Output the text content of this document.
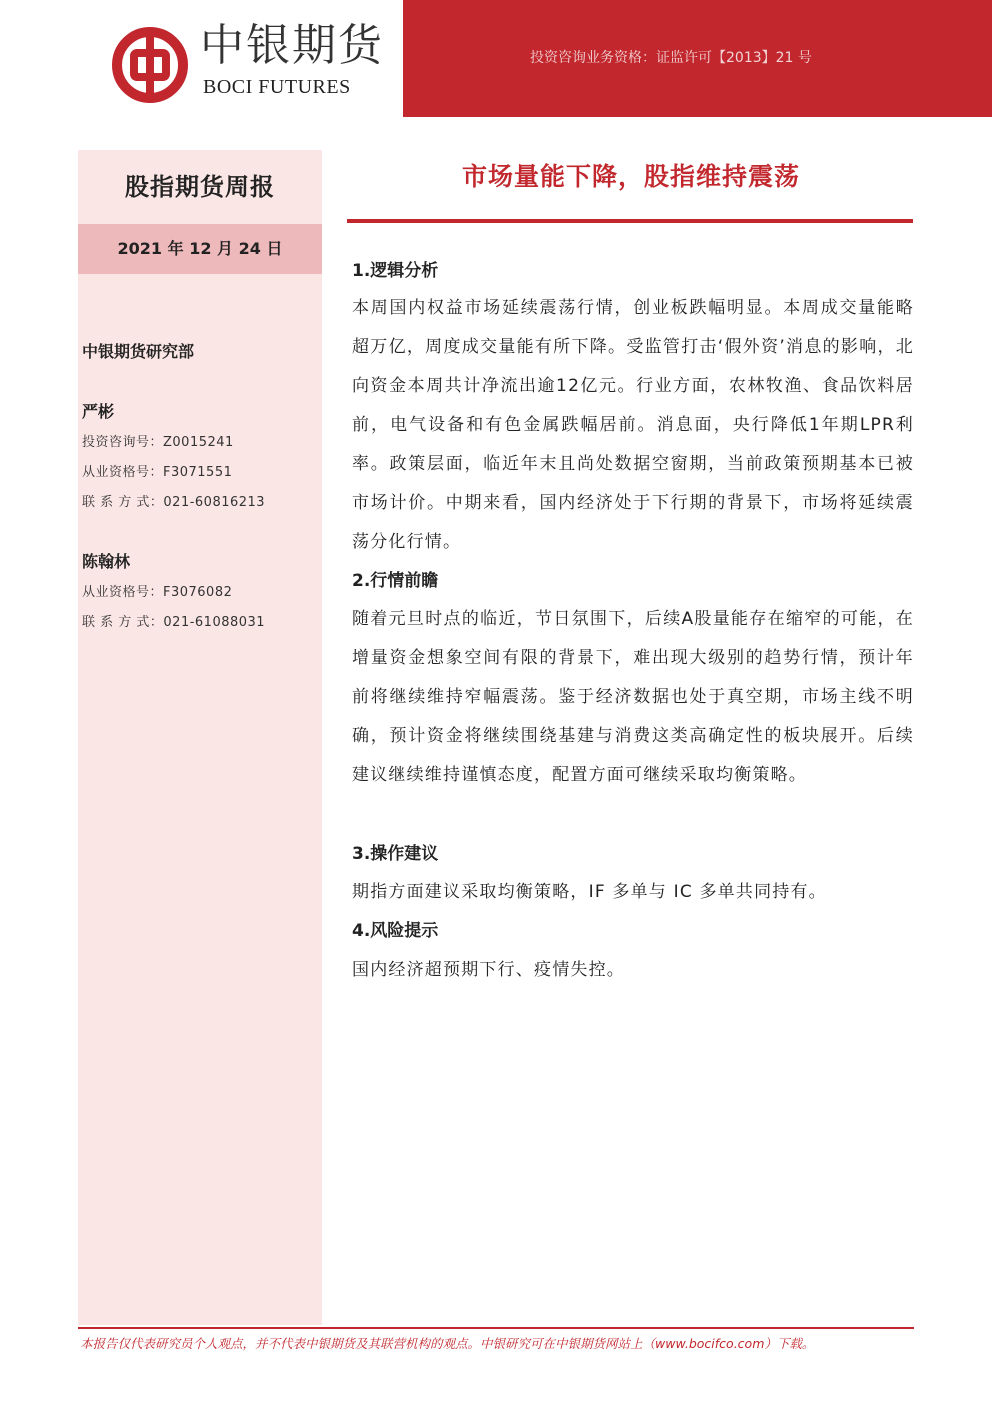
中银期货
BOCI FUTURES
投资咨询业务资格：证监许可【2013】21 号
股指期货周报
2021 年 12 月 24 日
中银期货研究部
严彬
投资咨询号：Z0015241
从业资格号：F3071551
联 系 方 式：021-60816213
陈翰林
从业资格号：F3076082
联 系 方 式：021-61088031
市场量能下降，股指维持震荡
1.逻辑分析
本周国内权益市场延续震荡行情，创业板跌幅明显。本周成交量能略超万亿，周度成交量能有所下降。受监管打击‘假外资’消息的影响，北向资金本周共计净流出逾12亿元。行业方面，农林牧渔、食品饮料居前，电气设备和有色金属跌幅居前。消息面，央行降低1年期LPR利率。政策层面，临近年末且尚处数据空窗期，当前政策预期基本已被市场计价。中期来看，国内经济处于下行期的背景下，市场将延续震荡分化行情。
2.行情前瞻
随着元旦时点的临近，节日氛围下，后续A股量能存在缩窄的可能，在增量资金想象空间有限的背景下，难出现大级别的趋势行情，预计年前将继续维持窄幅震荡。鉴于经济数据也处于真空期，市场主线不明确，预计资金将继续围绕基建与消费这类高确定性的板块展开。后续建议继续维持谨慎态度，配置方面可继续采取均衡策略。
3.操作建议
期指方面建议采取均衡策略，IF 多单与 IC 多单共同持有。
4.风险提示
国内经济超预期下行、疫情失控。
本报告仅代表研究员个人观点，并不代表中银期货及其联营机构的观点。中银研究可在中银期货网站上（www.bocifco.com）下载。
